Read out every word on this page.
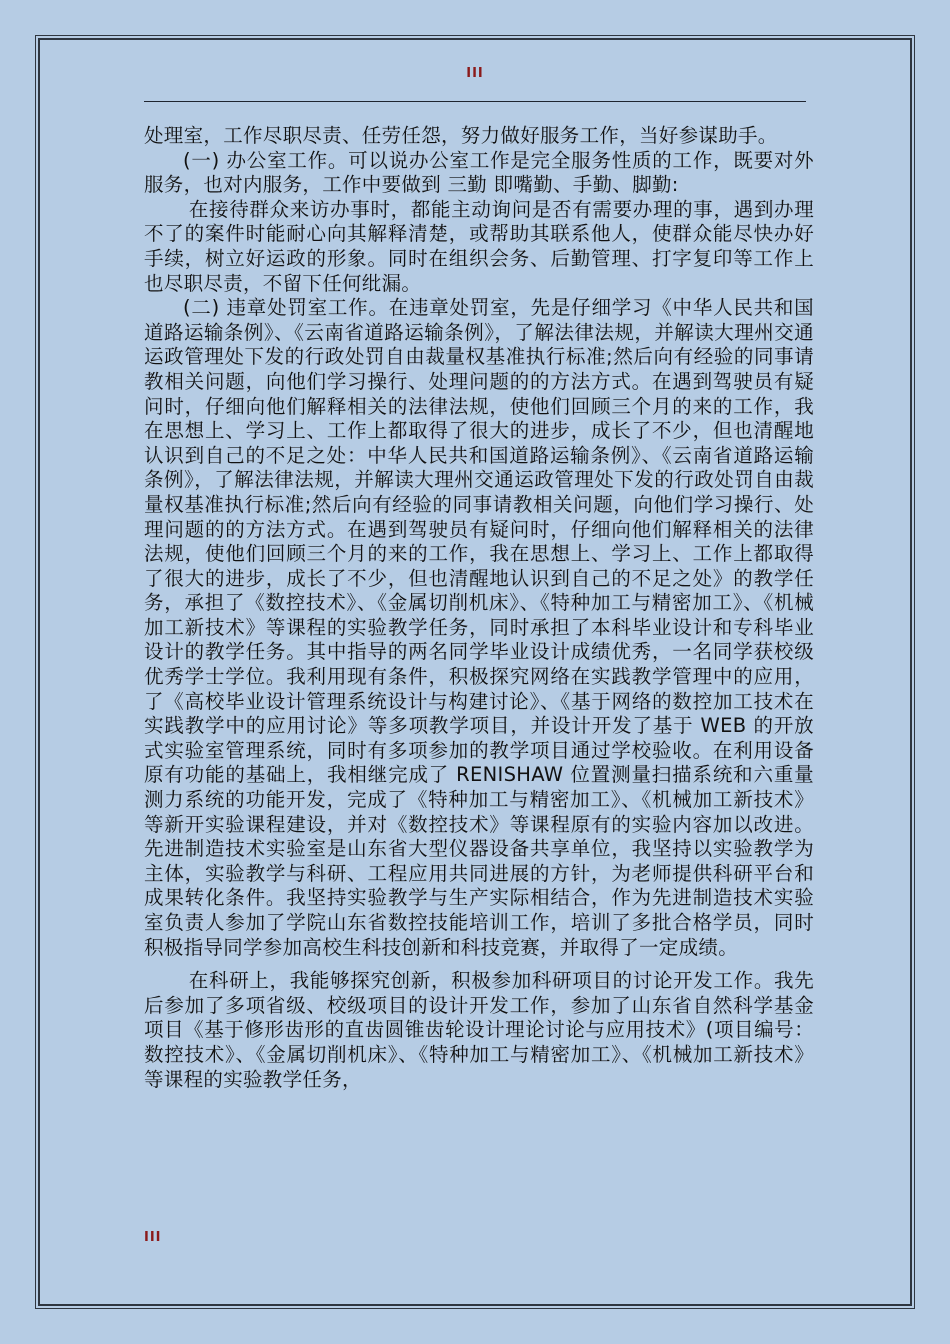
III

处理室，工作尽职尽责、任劳任怨，努力做好服务工作，当好参谋助手。

(一) 办公室工作。可以说办公室工作是完全服务性质的工作，既要对外服务，也对内服务，工作中要做到 三勤 即嘴勤、手勤、脚勤:

在接待群众来访办事时，都能主动询问是否有需要办理的事，遇到办理不了的案件时能耐心向其解释清楚，或帮助其联系他人，使群众能尽快办好手续，树立好运政的形象。同时在组织会务、后勤管理、打字复印等工作上也尽职尽责，不留下任何纰漏。

(二) 违章处罚室工作。在违章处罚室，先是仔细学习《中华人民共和国道路运输条例》、《云南省道路运输条例》，了解法律法规，并解读大理州交通运政管理处下发的行政处罚自由裁量权基准执行标准;然后向有经验的同事请教相关问题，向他们学习操行、处理问题的的方法方式。在遇到驾驶员有疑问时，仔细向他们解释相关的法律法规，使他们回顾三个月的来的工作，我在思想上、学习上、工作上都取得了很大的进步，成长了不少，但也清醒地认识到自己的不足之处：中华人民共和国道路运输条例》、《云南省道路运输条例》，了解法律法规，并解读大理州交通运政管理处下发的行政处罚自由裁量权基准执行标准;然后向有经验的同事请教相关问题，向他们学习操行、处理问题的的方法方式。在遇到驾驶员有疑问时，仔细向他们解释相关的法律法规，使他们回顾三个月的来的工作，我在思想上、学习上、工作上都取得了很大的进步，成长了不少，但也清醒地认识到自己的不足之处》的教学任务，承担了《数控技术》、《金属切削机床》、《特种加工与精密加工》、《机械加工新技术》等课程的实验教学任务，同时承担了本科毕业设计和专科毕业设计的教学任务。其中指导的两名同学毕业设计成绩优秀，一名同学获校级优秀学士学位。我利用现有条件，积极探究网络在实践教学管理中的应用，了《高校毕业设计管理系统设计与构建讨论》、《基于网络的数控加工技术在实践教学中的应用讨论》等多项教学项目，并设计开发了基于 WEB 的开放式实验室管理系统，同时有多项参加的教学项目通过学校验收。在利用设备原有功能的基础上，我相继完成了 RENISHAW 位置测量扫描系统和六重量测力系统的功能开发，完成了《特种加工与精密加工》、《机械加工新技术》等新开实验课程建设，并对《数控技术》等课程原有的实验内容加以改进。先进制造技术实验室是山东省大型仪器设备共享单位，我坚持以实验教学为主体，实验教学与科研、工程应用共同进展的方针，为老师提供科研平台和成果转化条件。我坚持实验教学与生产实际相结合，作为先进制造技术实验室负责人参加了学院山东省数控技能培训工作，培训了多批合格学员，同时积极指导同学参加高校生科技创新和科技竞赛，并取得了一定成绩。

在科研上，我能够探究创新，积极参加科研项目的讨论开发工作。我先后参加了多项省级、校级项目的设计开发工作，参加了山东省自然科学基金项目《基于修形齿形的直齿圆锥齿轮设计理论讨论与应用技术》(项目编号：数控技术》、《金属切削机床》、《特种加工与精密加工》、《机械加工新技术》等课程的实验教学任务，

III
